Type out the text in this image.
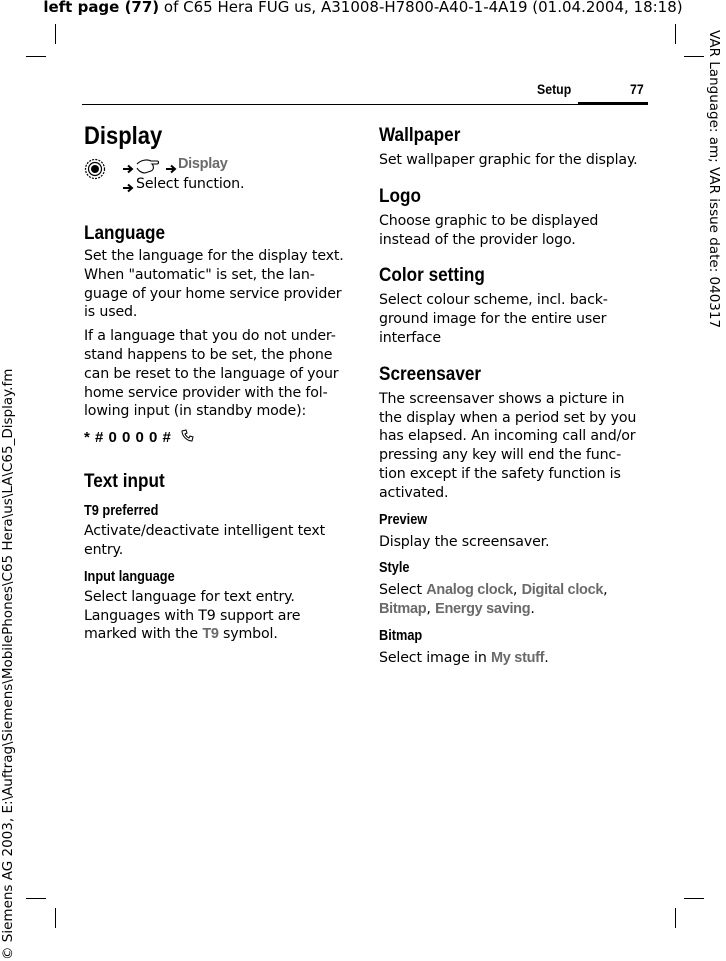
left page (77) of C65 Hera FUG us, A31008-H7800-A40-1-4A19 (01.04.2004, 18:18)
VAR Language: am; VAR issue date: 040317
© Siemens AG 2003, E:\Auftrag\Siemens\MobilePhones\C65 Hera\us\LA\C65_Display.fm
Setup	77
Display
Display
Select function.
Language

Set the language for the display text. When "automatic" is set, the lan-guage of your home service provider is used.

If a language that you do not under-stand happens to be set, the phone can be reset to the language of your home service provider with the fol-lowing input (in standby mode):

* # 0 0 0 0 #
Text input
T9 preferred

Activate/deactivate intelligent text entry.

Input language

Select language for text entry. Languages with T9 support are marked with the T9 symbol.

Wallpaper

Set wallpaper graphic for the display.

Logo

Choose graphic to be displayed instead of the provider logo.

Color setting

Select colour scheme, incl. back-ground image for the entire user interface

Screensaver

The screensaver shows a picture in the display when a period set by you has elapsed. An incoming call and/or pressing any key will end the func-tion except if the safety function is activated.

Preview

Display the screensaver.

Style

Select Analog clock, Digital clock,
Bitmap, Energy saving.

Bitmap

Select image in My stuff.
